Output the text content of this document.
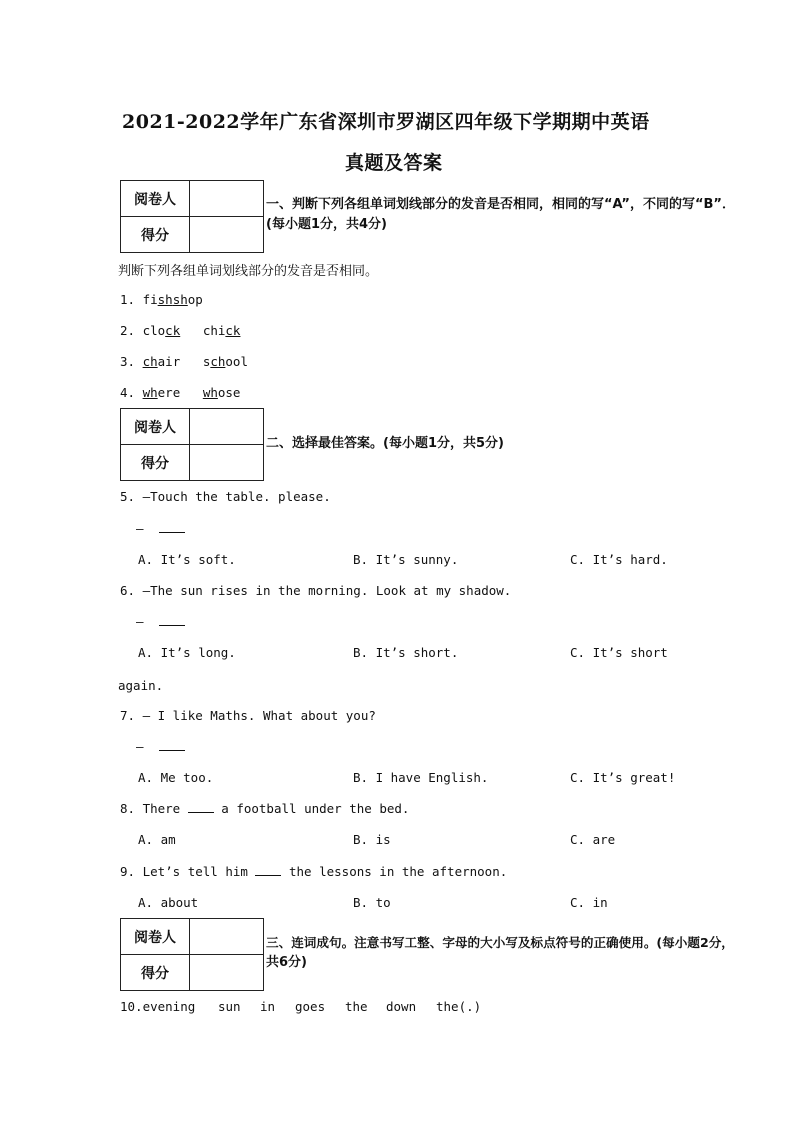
2021-2022学年广东省深圳市罗湖区四年级下学期期中英语
真题及答案
阅卷人	
得分	
一、判断下列各组单词划线部分的发音是否相同，相同的写“A”，不同的写“B”．
(每小题1分，共4分)
判断下列各组单词划线部分的发音是否相同。
1. fishshop
2. clock chick
3. chair school
4. where whose
阅卷人	
得分	
二、选择最佳答案。(每小题1分，共5分)
5. —Touch the table. please.
—
A. It’s soft.	B. It’s sunny.	C. It’s hard.
6. —The sun rises in the morning. Look at my shadow.
—
A. It’s long.	B. It’s short.	C. It’s short
again.
7. — I like Maths. What about you?
—
A. Me too.	B. I have English.	C. It’s great!
8. There	a football under the bed.
A. am	B. is	C. are
9. Let’s tell him	the lessons in the afternoon.
A. about	B. to	C. in
阅卷人	
得分	
三、连词成句。注意书写工整、字母的大小写及标点符号的正确使用。(每小题2分，
共6分)
10.evening sun in goes the down the(.)
